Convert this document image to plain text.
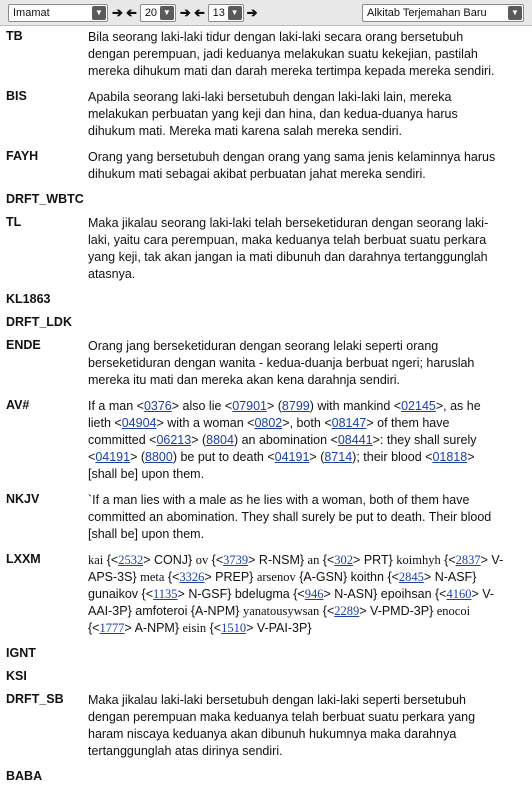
Imamat	▼ ➔ ➔ 20 ▼ ➔ ➔ 13 ▼ ➔	Alkitab Terjemahan Baru	▼
TB	Bila seorang laki-laki tidur dengan laki-laki secara orang bersetubuh dengan perempuan, jadi keduanya melakukan suatu kekejian, pastilah mereka dihukum mati dan darah mereka tertimpa kepada mereka sendiri.
BIS	Apabila seorang laki-laki bersetubuh dengan laki-laki lain, mereka melakukan perbuatan yang keji dan hina, dan kedua-duanya harus dihukum mati. Mereka mati karena salah mereka sendiri.
FAYH	Orang yang bersetubuh dengan orang yang sama jenis kelaminnya harus dihukum mati sebagai akibat perbuatan jahat mereka sendiri.
DRFT_WBTC
TL	Maka jikalau seorang laki-laki telah berseketiduran dengan seorang laki-laki, yaitu cara perempuan, maka keduanya telah berbuat suatu perkara yang keji, tak akan jangan ia mati dibunuh dan darahnya tertanggunglah atasnya.
KL1863
DRFT_LDK
ENDE	Orang jang berseketiduran dengan seorang lelaki seperti orang berseketiduran dengan wanita - kedua-duanja berbuat ngeri; haruslah mereka itu mati dan mereka akan kena darahnja sendiri.
AV#	If a man <0376> also lie <07901> (8799) with mankind <02145>, as he lieth <04904> with a woman <0802>, both <08147> of them have committed <06213> (8804) an abomination <08441>: they shall surely <04191> (8800) be put to death <04191> (8714); their blood <01818> [shall be] upon them.
NKJV	`If a man lies with a male as he lies with a woman, both of them have committed an abomination. They shall surely be put to death. Their blood [shall be] upon them.
LXXM	kai {<2532> CONJ} ov {<3739> R-NSM} an {<302> PRT} koimhyh {<2837> V-APS-3S} meta {<3326> PREP} arsenov {A-GSN} koithn {<2845> N-ASF} gunaikov {<1135> N-GSF} bdelugma {<946> N-ASN} epoihsan {<4160> V-AAI-3P} amfoteroi {A-NPM} yanatousywsan {<2289> V-PMD-3P} enocoi {<1777> A-NPM} eisin {<1510> V-PAI-3P}
IGNT
KSI
DRFT_SB	Maka jikalau laki-laki bersetubuh dengan laki-laki seperti bersetubuh dengan perempuan maka keduanya telah berbuat suatu perkara yang haram niscaya keduanya akan dibunuh hukumnya maka darahnya tertanggunglah atas dirinya sendiri.
BABA
